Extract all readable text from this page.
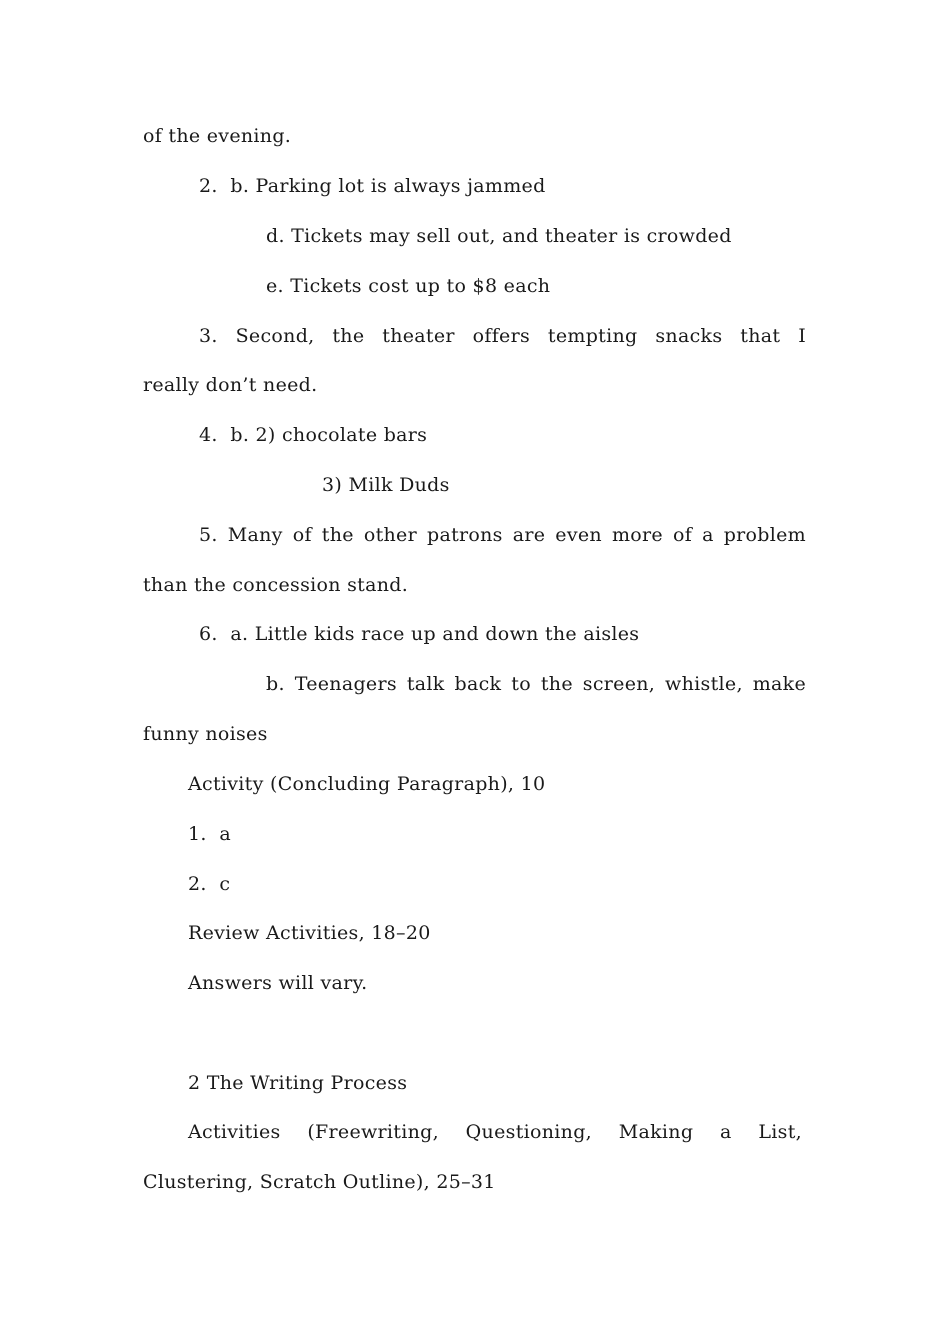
of the evening.
2.  b. Parking lot is always jammed
d. Tickets may sell out, and theater is crowded
e. Tickets cost up to $8 each
3. Second, the theater offers tempting snacks that I
really don’t need.
4.  b. 2) chocolate bars
3) Milk Duds
5. Many of the other patrons are even more of a problem
than the concession stand.
6.  a. Little kids race up and down the aisles
b. Teenagers talk back to the screen, whistle, make
funny noises
Activity (Concluding Paragraph), 10
1.  a
2.  c
Review Activities, 18–20
Answers will vary.
2 The Writing Process
Activities (Freewriting, Questioning, Making a List,
Clustering, Scratch Outline), 25–31
